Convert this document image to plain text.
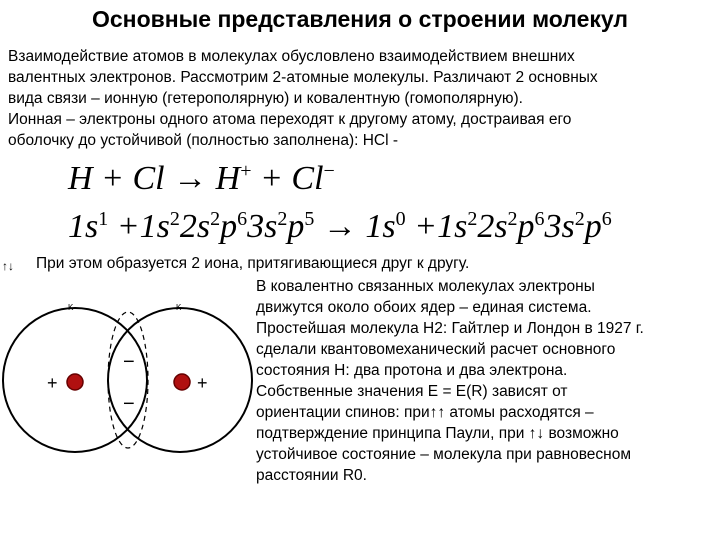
Основные представления о строении молекул

Взаимодействие атомов в молекулах обусловлено взаимодействием внешних

валентных электронов. Рассмотрим 2-атомные молекулы. Различают 2 основных

вида связи – ионную (гетерополярную) и ковалентную (гомополярную).

Ионная – электроны одного атома переходят к другому атому, достраивая его

оболочку до устойчивой (полностью заполнена): HCl -

H + Cl → H+ + Cl−
$1s^1 +1s^22s^2p^63s^2p^5 \to 1s^0 +1s^22s^2p^63s^2p^6$
↑↓ При этом образуется 2 иона, притягивающиеся друг к другу.
K	K
+	+
−
−

В ковалентно связанных молекулах электроны

движутся около обоих ядер – единая система.

Простейшая молекула Н2: Гайтлер и Лондон в 1927 г.

сделали квантовомеханический расчет основного

состояния Н: два протона и два электрона.

Собственные значения E = E(R) зависят от

ориентации спинов: при↑↑ атомы расходятся –

подтверждение принципа Паули, при ↑↓ возможно

устойчивое состояние – молекула при равновесном

расстоянии R0.
